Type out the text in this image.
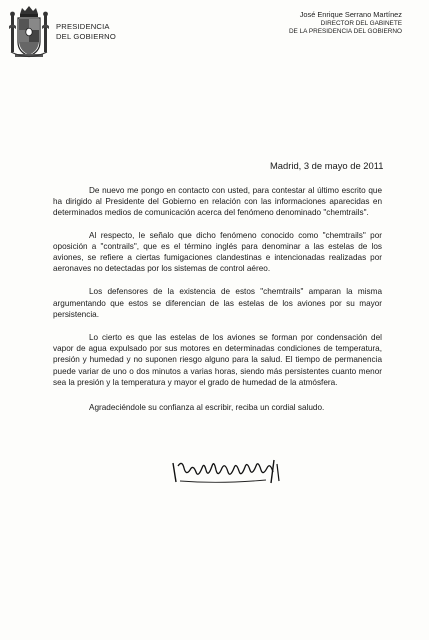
PRESIDENCIA
DEL GOBIERNO
José Enrique Serrano Martínez
DIRECTOR DEL GABINETE
DE LA PRESIDENCIA DEL GOBIERNO
Madrid, 3 de mayo de 2011

De nuevo me pongo en contacto con usted, para contestar al último escrito que ha dirigido al Presidente del Gobierno en relación con las informaciones aparecidas en determinados medios de comunicación acerca del fenómeno denominado "chemtrails".

Al respecto, le señalo que dicho fenómeno conocido como "chemtrails" por oposición a "contrails", que es el término inglés para denominar a las estelas de los aviones, se refiere a ciertas fumigaciones clandestinas e intencionadas realizadas por aeronaves no detectadas por los sistemas de control aéreo.

Los defensores de la existencia de estos "chemtrails" amparan la misma argumentando que estos se diferencian de las estelas de los aviones por su mayor persistencia.

Lo cierto es que las estelas de los aviones se forman por condensación del vapor de agua expulsado por sus motores en determinadas condiciones de temperatura, presión y humedad y no suponen riesgo alguno para la salud. El tiempo de permanencia puede variar de uno o dos minutos a varias horas, siendo más persistentes cuanto menor sea la presión y la temperatura y mayor el grado de humedad de la atmósfera.

Agradeciéndole su confianza al escribir, reciba un cordial saludo.
